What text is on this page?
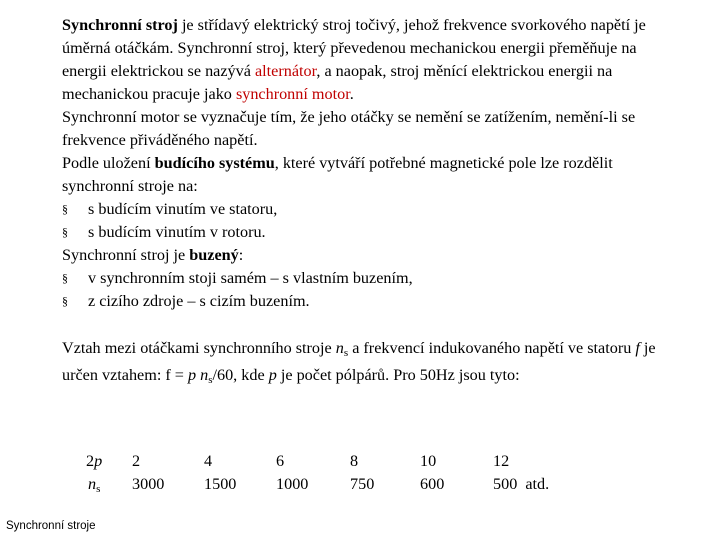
Synchronní stroj je střídavý elektrický stroj točivý, jehož frekvence svorkového napětí je úměrná otáčkám. Synchronní stroj, který převedenou mechanickou energii přeměňuje na energii elektrickou se nazývá alternátor, a naopak, stroj měnící elektrickou energii na mechanickou pracuje jako synchronní motor.

Synchronní motor se vyznačuje tím, že jeho otáčky se nemění se zatížením, nemění-li se frekvence přiváděného napětí.

Podle uložení budícího systému, které vytváří potřebné magnetické pole lze rozdělit synchronní stroje na:

§ s budícím vinutím ve statoru,
§ s budícím vinutím v rotoru.

Synchronní stroj je buzený:

§ v synchronním stoji samém – s vlastním buzením,
§ z cizího zdroje – s cizím buzením.

Vztah mezi otáčkami synchronního stroje $n_s$ a frekvencí indukovaného napětí ve statoru f je určen vztahem: f = p $n_s/60$, kde p je počet pólpárů. Pro 50Hz jsou tyto:

2p
$n_s$
2
3000
4
1500
6
1000
8
750
10
600
12
500  atd.
Synchronní stroje
